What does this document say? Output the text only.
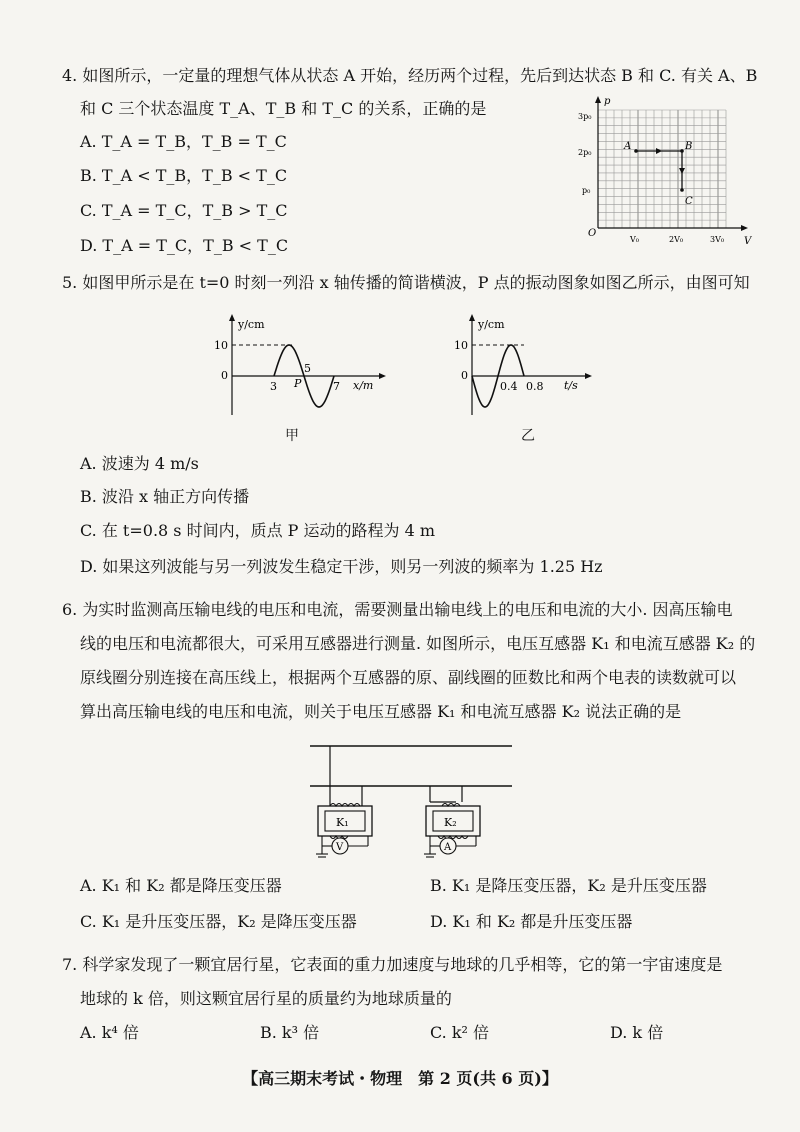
4. 如图所示，一定量的理想气体从状态 A 开始，经历两个过程，先后到达状态 B 和 C. 有关 A、B
和 C 三个状态温度 T_A、T_B 和 T_C 的关系，正确的是
A. T_A = T_B，T_B = T_C
B. T_A < T_B，T_B < T_C
C. T_A = T_C，T_B > T_C
D. T_A = T_C，T_B < T_C
p
V
O
3p₀
2p₀
p₀
V₀	2V₀	3V₀
A	B
C
5. 如图甲所示是在 t=0 时刻一列沿 x 轴传播的简谐横波，P 点的振动图象如图乙所示，由图可知
y/cm
x/m
10
0
3 P
5
7
甲
y/cm
t/s
10
0
0.4 0.8
乙
A. 波速为 4 m/s
B. 波沿 x 轴正方向传播
C. 在 t=0.8 s 时间内，质点 P 运动的路程为 4 m
D. 如果这列波能与另一列波发生稳定干涉，则另一列波的频率为 1.25 Hz
6. 为实时监测高压输电线的电压和电流，需要测量出输电线上的电压和电流的大小. 因高压输电
线的电压和电流都很大，可采用互感器进行测量. 如图所示，电压互感器 K₁ 和电流互感器 K₂ 的
原线圈分别连接在高压线上，根据两个互感器的原、副线圈的匝数比和两个电表的读数就可以
算出高压输电线的电压和电流，则关于电压互感器 K₁ 和电流互感器 K₂ 说法正确的是
K₁
V
K₂
A
A. K₁ 和 K₂ 都是降压变压器	B. K₁ 是降压变压器，K₂ 是升压变压器
C. K₁ 是升压变压器，K₂ 是降压变压器	D. K₁ 和 K₂ 都是升压变压器
7. 科学家发现了一颗宜居行星，它表面的重力加速度与地球的几乎相等，它的第一宇宙速度是
地球的 k 倍，则这颗宜居行星的质量约为地球质量的
A. k⁴ 倍	B. k³ 倍	C. k² 倍	D. k 倍
【高三期末考试・物理　第 2 页(共 6 页)】
